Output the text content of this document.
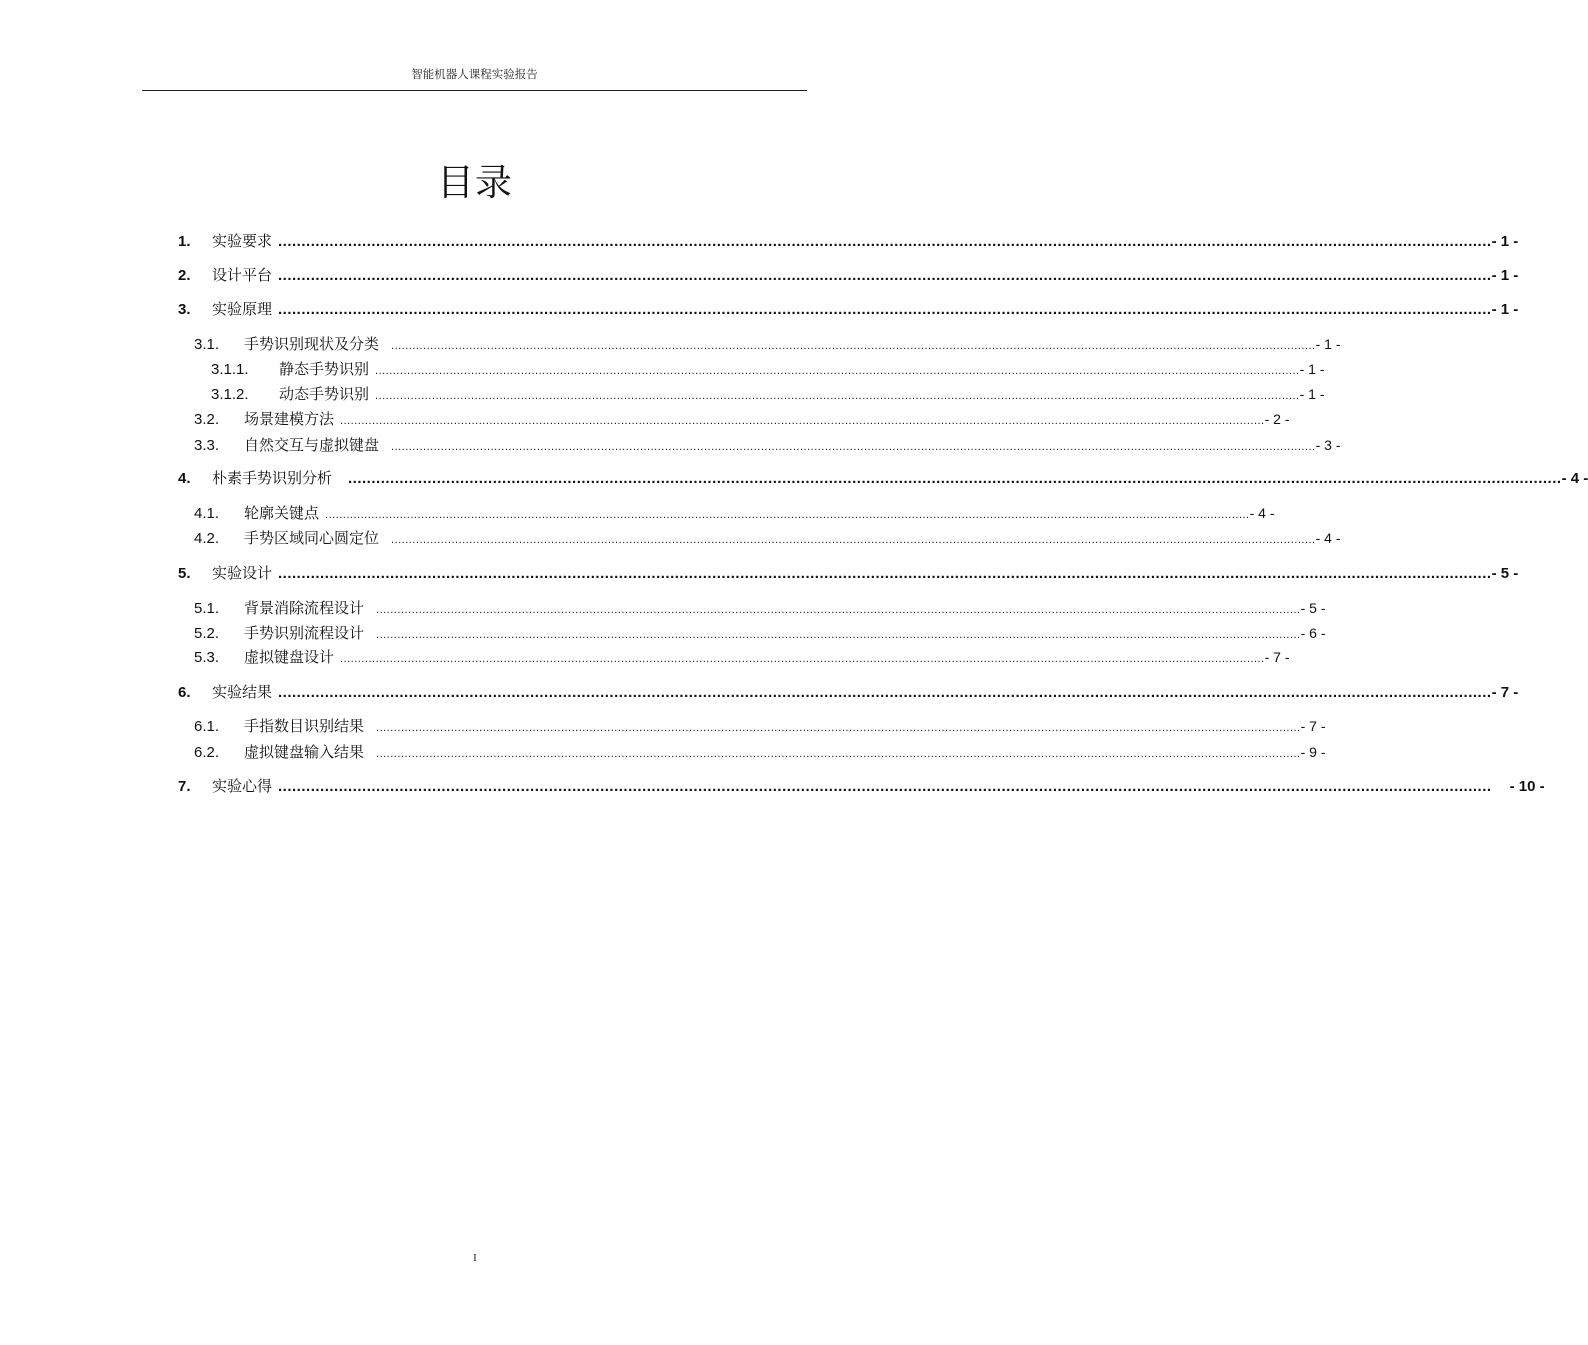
智能机器人课程实验报告
目录
1.	实验要求 .................................................................................................................................................................................................................................................................... - 1 -
2.	设计平台 .................................................................................................................................................................................................................................................................... - 1 -
3.	实验原理 .................................................................................................................................................................................................................................................................... - 1 -
3.1.	手势识别现状及分类 .................................................................................................................................................................................................................................................................... - 1 -
3.1.1.	静态手势识别 .................................................................................................................................................................................................................................................................... - 1 -
3.1.2.	动态手势识别 .................................................................................................................................................................................................................................................................... - 1 -
3.2.	场景建模方法 .................................................................................................................................................................................................................................................................... - 2 -
3.3.	自然交互与虚拟键盘 .................................................................................................................................................................................................................................................................... - 3 -
4.	朴素手势识别分析 .................................................................................................................................................................................................................................................................... - 4 -
4.1.	轮廓关键点 .................................................................................................................................................................................................................................................................... - 4 -
4.2.	手势区域同心圆定位 .................................................................................................................................................................................................................................................................... - 4 -
5.	实验设计 .................................................................................................................................................................................................................................................................... - 5 -
5.1.	背景消除流程设计 .................................................................................................................................................................................................................................................................... - 5 -
5.2.	手势识别流程设计 .................................................................................................................................................................................................................................................................... - 6 -
5.3.	虚拟键盘设计 .................................................................................................................................................................................................................................................................... - 7 -
6.	实验结果 .................................................................................................................................................................................................................................................................... - 7 -
6.1.	手指数目识别结果 .................................................................................................................................................................................................................................................................... - 7 -
6.2.	虚拟键盘输入结果 .................................................................................................................................................................................................................................................................... - 9 -
7.	实验心得 .................................................................................................................................................................................................................................................................... - 10 -
I
